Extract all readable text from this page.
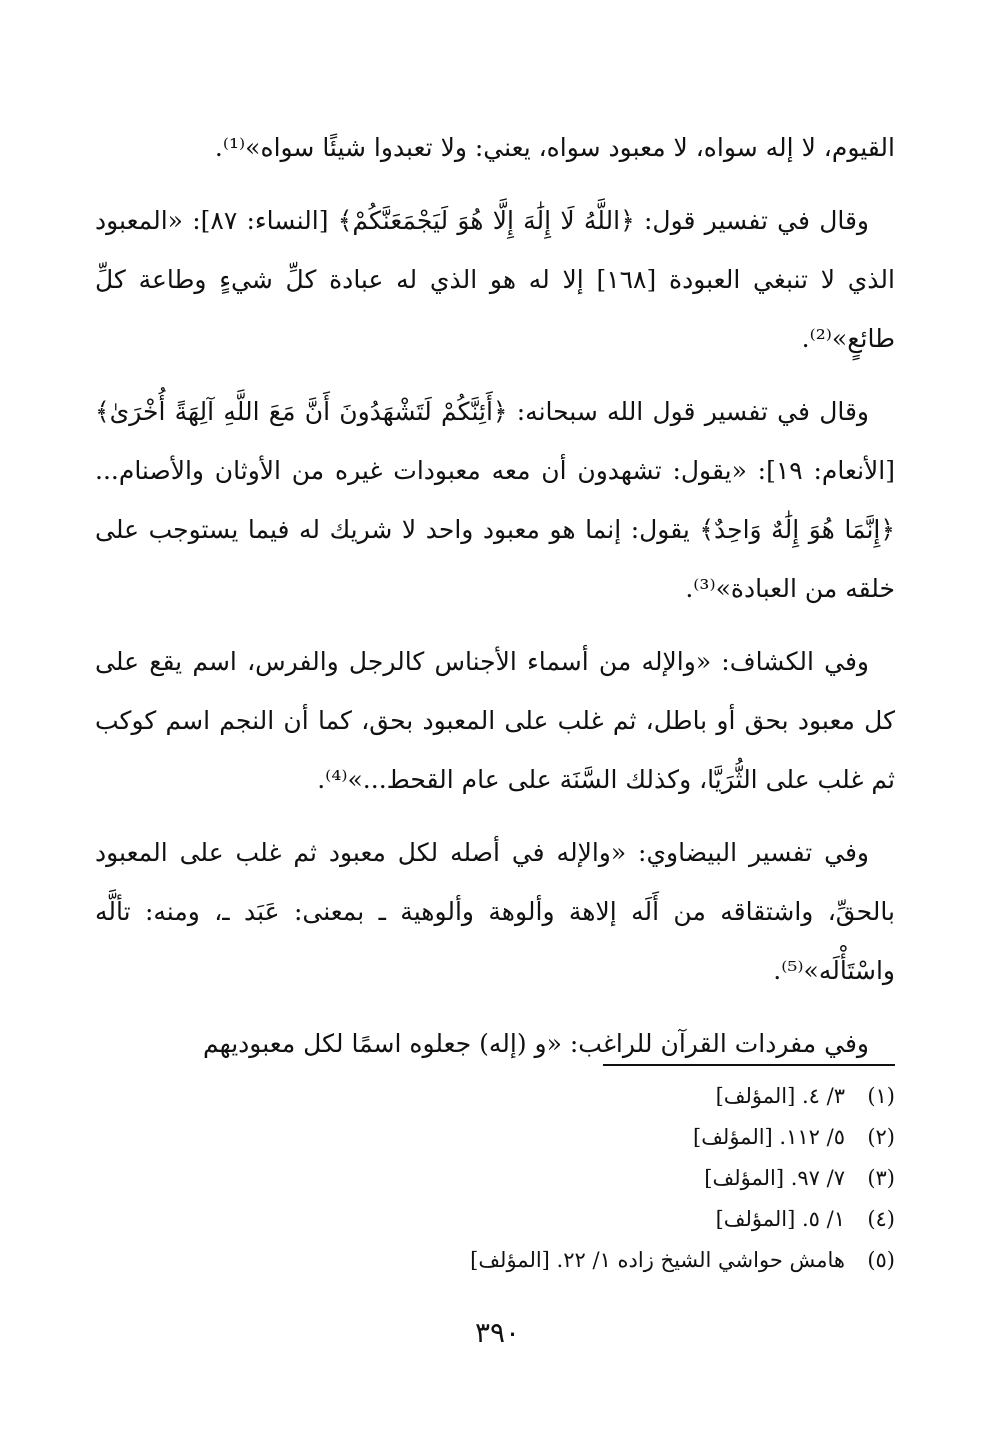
القيوم، لا إله سواه، لا معبود سواه، يعني: ولا تعبدوا شيئًا سواه»⁽¹⁾.

وقال في تفسير قول: ﴿اللَّهُ لَا إِلَٰهَ إِلَّا هُوَ لَيَجْمَعَنَّكُمْ﴾ [النساء: ٨٧]: «المعبود الذي لا تنبغي العبودة [١٦٨] إلا له هو الذي له عبادة كلِّ شيءٍ وطاعة كلِّ طائعٍ»⁽²⁾.

وقال في تفسير قول الله سبحانه: ﴿أَئِنَّكُمْ لَتَشْهَدُونَ أَنَّ مَعَ اللَّهِ آلِهَةً أُخْرَىٰ﴾ [الأنعام: ١٩]: «يقول: تشهدون أن معه معبودات غيره من الأوثان والأصنام... ﴿إِنَّمَا هُوَ إِلَٰهٌ وَاحِدٌ﴾ يقول: إنما هو معبود واحد لا شريك له فيما يستوجب على خلقه من العبادة»⁽³⁾.

وفي الكشاف: «والإله من أسماء الأجناس كالرجل والفرس، اسم يقع على كل معبود بحق أو باطل، ثم غلب على المعبود بحق، كما أن النجم اسم كوكب ثم غلب على الثُّرَيَّا، وكذلك السَّنَة على عام القحط...»⁽⁴⁾.

وفي تفسير البيضاوي: «والإله في أصله لكل معبود ثم غلب على المعبود بالحقِّ، واشتقاقه من أَلَه إلاهة وألوهة وألوهية ـ بمعنى: عَبَد ـ، ومنه: تألَّه واسْتَأْلَه»⁽⁵⁾.

وفي مفردات القرآن للراغب: «و (إله) جعلوه اسمًا لكل معبوديهم

(١)
٣/ ٤. [المؤلف]
(٢)
٥/ ١١٢. [المؤلف]
(٣)
٧/ ٩٧. [المؤلف]
(٤)
١/ ٥. [المؤلف]
(٥)
هامش حواشي الشيخ زاده ١/ ٢٢. [المؤلف]
٣٩٠
